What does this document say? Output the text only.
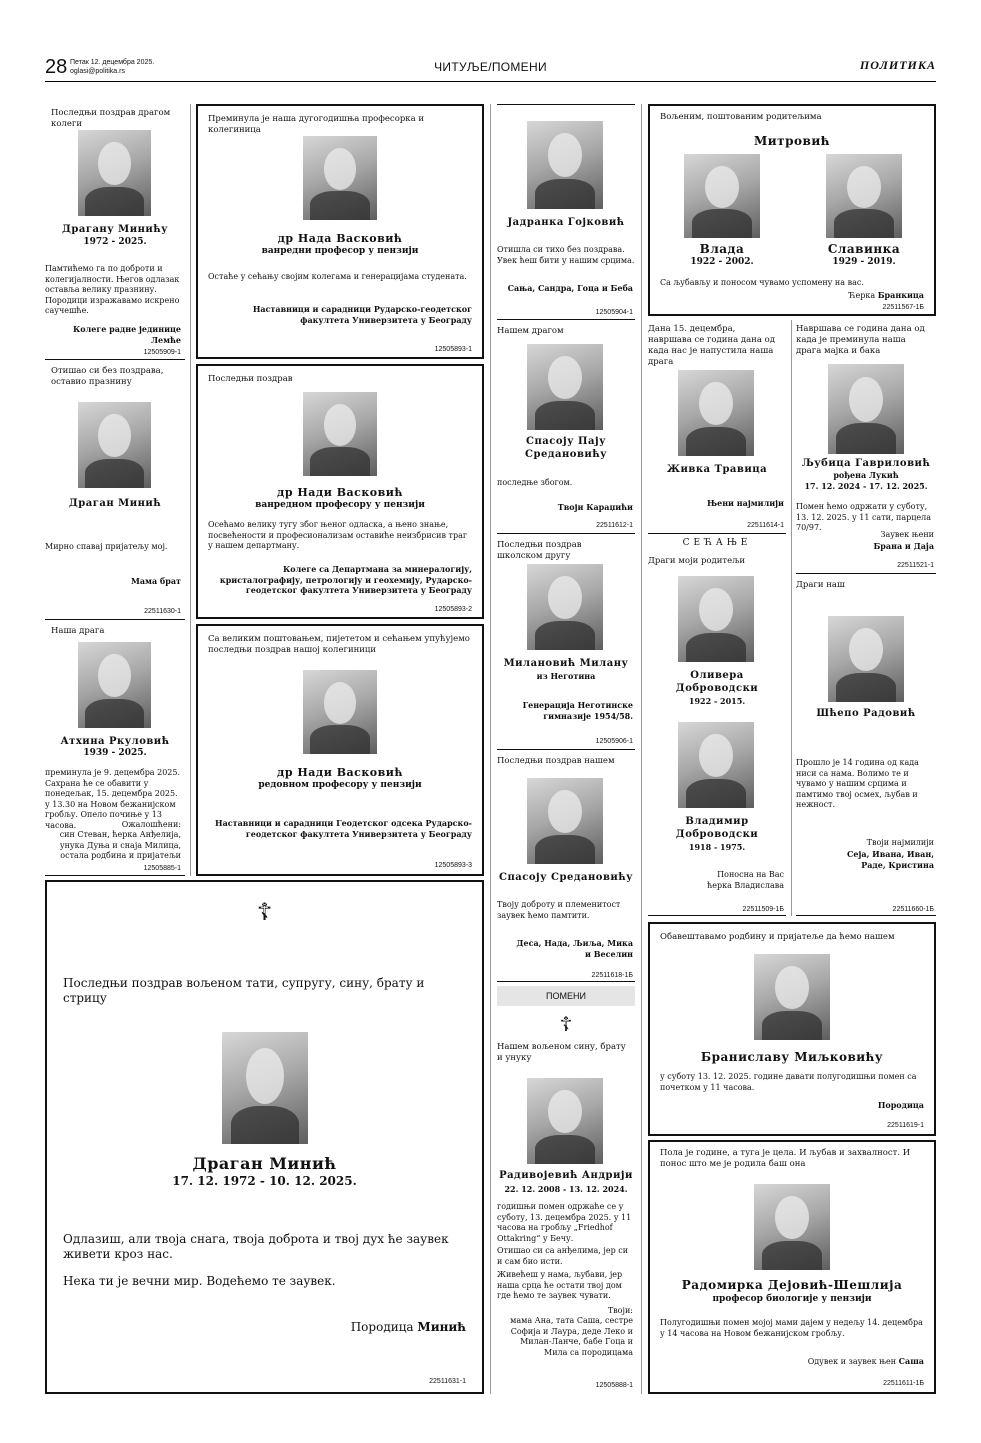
28 Петак 12. децембра 2025.
oglasi@politika.rs	ЧИТУЉЕ/ПОМЕНИ	ПОЛИТИКА
Последњи поздрав драгом колеги
Драгану Минићу
1972 - 2025.
Памтићемо га по доброти и колегијалности. Његов одлазак оставља велику празнину. Породици изражавамо искрено саучешће.
Колеге радне јединице Лемће
12505909-1
Отишао си без поздрава, оставио празнину
Драган Минић
Мирно спавај пријатељу мој.
Мама брат
22511630-1
Наша драга
Атхина Ркуловић
1939 - 2025.
преминула је 9. децембра 2025. Сахрана ће се обавити у понедељак, 15. децембра 2025. у 13.30 на Новом бежанијском гробљу. Опело почиње у 13 часова.	Ожалошћени:
син Стеван, ћерка Анђелија, унука Дуња и снаја Милица, остала родбина и пријатељи
12505885-1
Преминула је наша дугогодишња професорка и колегиница
др Нада Васковић
ванредни професор у пензији
Остаће у сећању својим колегама и генерацијама студената.
Наставници и сарадници Рударско-геодетског факултета Универзитета у Београду
12505893-1
Последњи поздрав
др Нади Васковић
ванредном професору у пензији
Осећамо велику тугу због њеног одласка, а њено знање, посвећености и професионализам оставиће неизбрисив траг у нашем департману.
Колеге са Департмана за минералогију, кристалографију, петрологију и геохемију, Рударско-геодетског факултета Универзитета у Београду
12505893-2
Са великим поштовањем, пијететом и сећањем упућујемо последњи поздрав нашој колегиници
др Нади Васковић
редовном професору у пензији
Наставници и сарадници Геодетског одсека Рударско-геодетског факултета Универзитета у Београду
12505893-3
☦
Последњи поздрав вољеном тати, супругу, сину, брату и стрицу
Драган Минић
17. 12. 1972 - 10. 12. 2025.
Одлазиш, али твоја снага, твоја доброта и твој дух ће заувек живети кроз нас.
Нека ти је вечни мир. Водећемо те заувек.
Породица Минић
22511631-1
Јадранка Гојковић
Отишла си тихо без поздрава. Увек ћеш бити у нашим срцима.
Сања, Сандра, Гоца и Беба
12505904-1
Нашем драгом
Спасоју Пају
Средановићу
последње збогом.
Твоји Караџићи
22511612-1
Последњи поздрав школском другу
Милановић Милану
из Неготина
Генерација Неготинске гимназије 1954/58.
12505906-1
Последњи поздрав нашем
Спасоју Средановићу
Твоју доброту и племенитост заувек ћемо памтити.
Деса, Нада, Љиља, Мика и Веселин
22511618-1Б
ПОМЕНИ
☦
Нашем вољеном сину, брату и унуку
Радивојевић Андрији
22. 12. 2008 - 13. 12. 2024.
годишњи помен одржаће се у суботу, 13. децембра 2025. у 11 часова на гробљу „Friedhof Ottakring“ у Бечу.
Отишао си са анђелима, јер си и сам био исти.
Живећеш у нама, љубави, јер наша срца ће остати твој дом где ћемо те заувек чувати.
Твоји:
мама Ана, тата Саша, сестре Софија и Лаура, деде Леко и Милан-Ланче, бабе Гоца и Мила са породицама
12505888-1
Вољеним, поштованим родитељима
Митровић
Влада
1922 - 2002.
Славинка
1929 - 2019.
Са љубављу и поносом чувамо успомену на вас.
Ћерка Бранкица
22511567-1Б
Дана 15. децембра, навршава се година дана од када нас је напустила наша драга
Живка Травица
Њени најмилији
22511614-1
Навршава се година дана од када је преминула наша драга мајка и бака
Љубица Гавриловић
рођена Лукић
17. 12. 2024 - 17. 12. 2025.
Помен ћемо одржати у суботу, 13. 12. 2025. у 11 сати, парцела 70/97.
Заувек њени
Бранa и Даjа
22511521-1
СЕЋАЊЕ
Драги моји родитељи
Оливера
Доброводски
1922 - 2015.
Владимир
Доброводски
1918 - 1975.
Поносна на Вас
ћерка Владислава
22511509-1Б
Драги наш
Шћепо Радовић
Прошло је 14 година од када ниси са нама. Волимо те и чувамо у нашим срцима и памтимо твој осмех, љубав и нежност.
Твоји најмилији
Сеја, Ивана, Иван, Раде, Кристина
22511660-1Б
Обавештавамо родбину и пријатеље да ћемо нашем
Браниславу Миљковићу
у суботу 13. 12. 2025. године давати полугодишњи помен са почетком у 11 часова.
Породица
22511619-1
Пола је године, а туга је цела. И љубав и захвалност. И понос што ме је родила баш она
Радомирка Дејовић-Шешлија
професор биологије у пензији
Полугодишњи помен мојој мами дајем у недељу 14. децембра у 14 часова на Новом бежанијском гробљу.
Одувек и заувек њен Саша
22511611-1Б
